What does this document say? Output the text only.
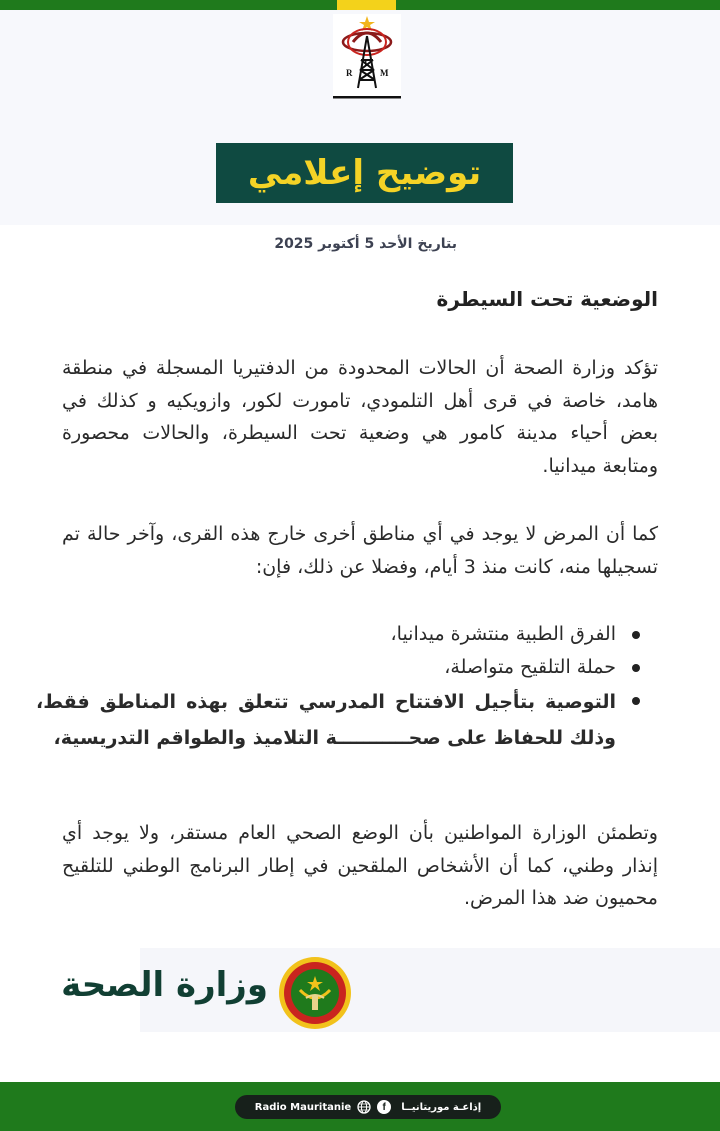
R
I
M
توضيح إعلامي
بتاريخ الأحد 5 أكتوبر 2025
الوضعية تحت السيطرة
تؤكد وزارة الصحة أن الحالات المحدودة من الدفتيريا المسجلة في منطقة هامد، خاصة في قرى أهل التلمودي، تامورت لكور، وازويكيه و كذلك في بعض أحياء مدينة كامور هي وضعية تحت السيطرة، والحالات محصورة ومتابعة ميدانيا.
كما أن المرض لا يوجد في أي مناطق أخرى خارج هذه القرى، وآخر حالة تم تسجيلها منه، كانت منذ 3 أيام، وفضلا عن ذلك، فإن:
الفرق الطبية منتشرة ميدانيا،
حملة التلقيح متواصلة،
التوصية بتأجيل الافتتاح المدرسي تتعلق بهذه المناطق فقط، وذلك للحفاظ على صحـــــــــــة التلاميذ والطواقم التدريسية،
وتطمئن الوزارة المواطنين بأن الوضع الصحي العام مستقر، ولا يوجد أي إنذار وطني، كما أن الأشخاص الملقحين في إطار البرنامج الوطني للتلقيح محميون ضد هذا المرض.
وزارة الصحة
Radio Mauritanie	f	إذاعـة موريتانيــا
